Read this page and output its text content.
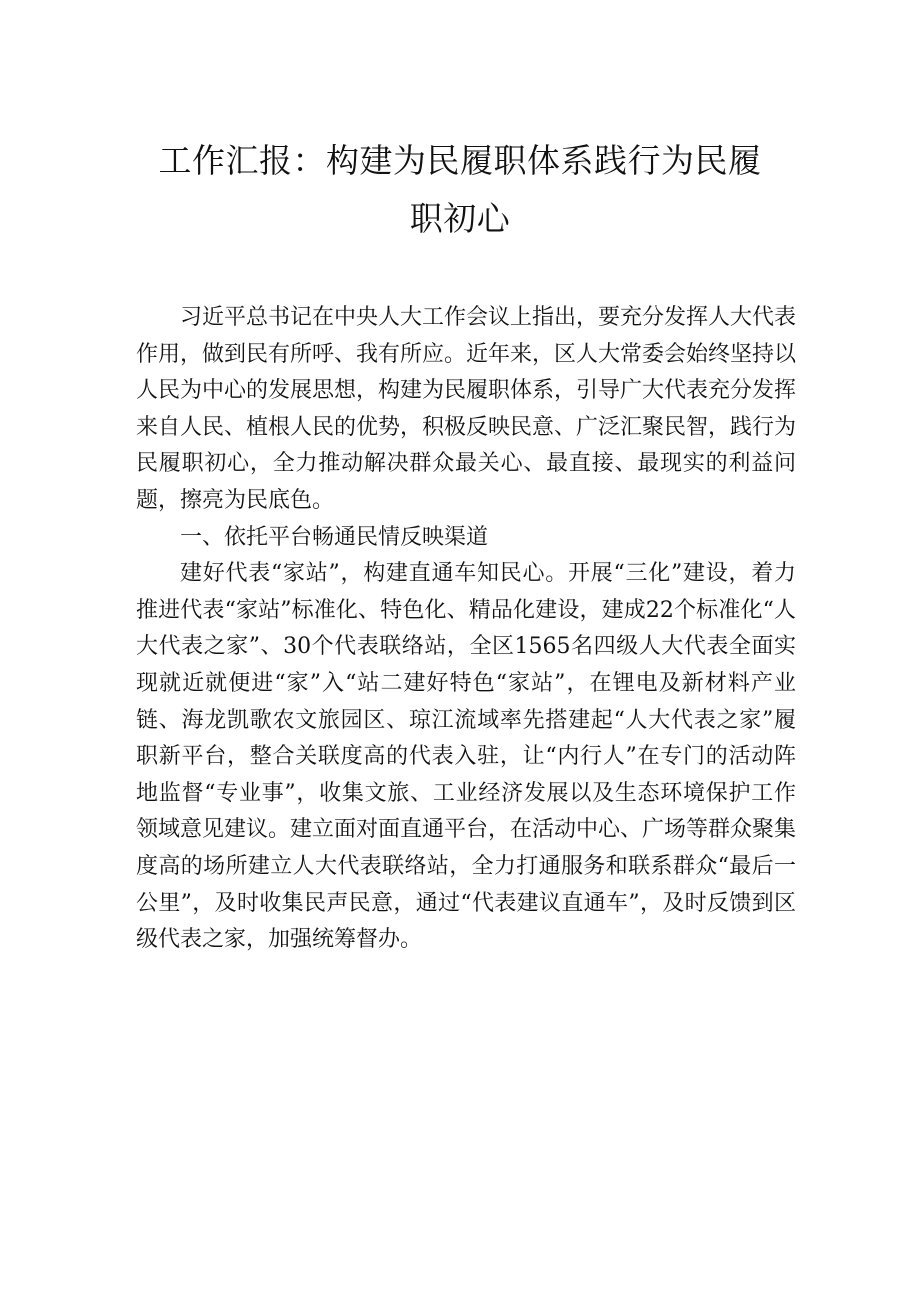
工作汇报：构建为民履职体系践行为民履
职初心

习近平总书记在中央人大工作会议上指出，要充分发挥人大代表作用，做到民有所呼、我有所应。近年来，区人大常委会始终坚持以人民为中心的发展思想，构建为民履职体系，引导广大代表充分发挥来自人民、植根人民的优势，积极反映民意、广泛汇聚民智，践行为民履职初心，全力推动解决群众最关心、最直接、最现实的利益问题，擦亮为民底色。

一、依托平台畅通民情反映渠道

建好代表“家站”，构建直通车知民心。开展“三化”建设，着力推进代表“家站”标准化、特色化、精品化建设，建成22个标准化“人大代表之家”、30个代表联络站，全区1565名四级人大代表全面实现就近就便进“家”入“站二建好特色“家站”，在锂电及新材料产业链、海龙凯歌农文旅园区、琼江流域率先搭建起“人大代表之家”履职新平台，整合关联度高的代表入驻，让“内行人”在专门的活动阵地监督“专业事”，收集文旅、工业经济发展以及生态环境保护工作领域意见建议。建立面对面直通平台，在活动中心、广场等群众聚集度高的场所建立人大代表联络站，全力打通服务和联系群众“最后一公里”，及时收集民声民意，通过“代表建议直通车”，及时反馈到区级代表之家，加强统筹督办。
